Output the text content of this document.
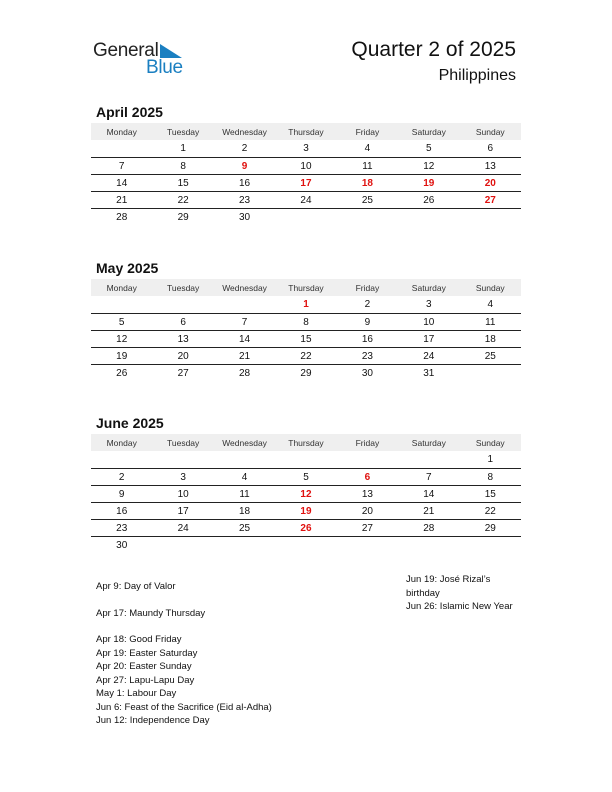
General
Blue
Quarter 2 of 2025
Philippines
April 2025
Monday	Tuesday	Wednesday	Thursday	Friday	Saturday	Sunday
	1	2	3	4	5	6
7	8	9	10	11	12	13
14	15	16	17	18	19	20
21	22	23	24	25	26	27
28	29	30				
May 2025
Monday	Tuesday	Wednesday	Thursday	Friday	Saturday	Sunday
			1	2	3	4
5	6	7	8	9	10	11
12	13	14	15	16	17	18
19	20	21	22	23	24	25
26	27	28	29	30	31	
June 2025
Monday	Tuesday	Wednesday	Thursday	Friday	Saturday	Sunday
						1
2	3	4	5	6	7	8
9	10	11	12	13	14	15
16	17	18	19	20	21	22
23	24	25	26	27	28	29
30						
Apr 9: Day of Valor
Apr 17: Maundy Thursday
Apr 18: Good Friday
Apr 19: Easter Saturday
Apr 20: Easter Sunday
Apr 27: Lapu-Lapu Day
May 1: Labour Day
Jun 6: Feast of the Sacrifice (Eid al-Adha)
Jun 12: Independence Day
Jun 19: José Rizal’s birthday
Jun 26: Islamic New Year
